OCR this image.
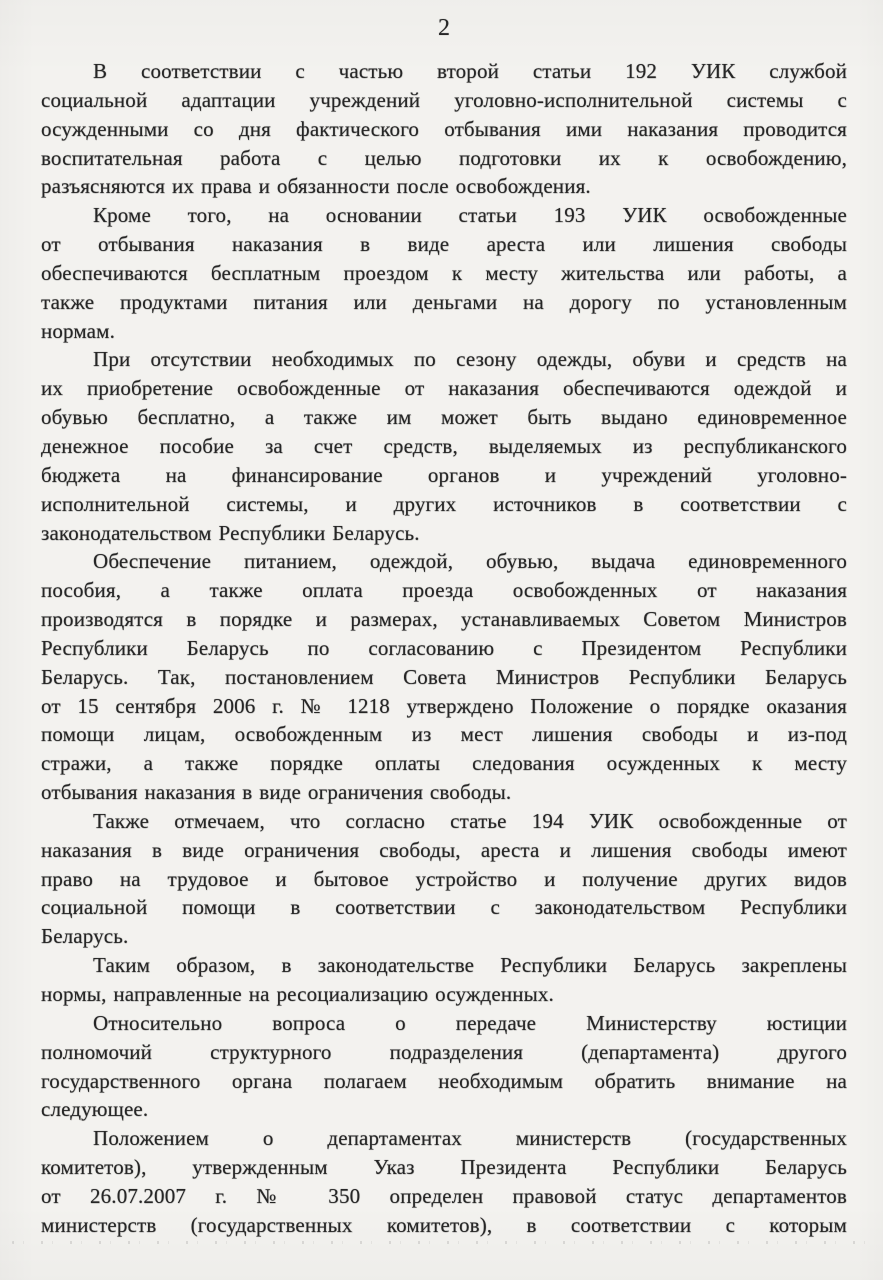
2
В соответствии с частью второй статьи 192 УИК службой
социальной адаптации учреждений уголовно-исполнительной системы с
осужденными со дня фактического отбывания ими наказания проводится
воспитательная работа с целью подготовки их к освобождению,
разъясняются их права и обязанности после освобождения.
Кроме того, на основании статьи 193 УИК освобожденные
от отбывания наказания в виде ареста или лишения свободы
обеспечиваются бесплатным проездом к месту жительства или работы, а
также продуктами питания или деньгами на дорогу по установленным
нормам.
При отсутствии необходимых по сезону одежды, обуви и средств на
их приобретение освобожденные от наказания обеспечиваются одеждой и
обувью бесплатно, а также им может быть выдано единовременное
денежное пособие за счет средств, выделяемых из республиканского
бюджета на финансирование органов и учреждений уголовно-
исполнительной системы, и других источников в соответствии с
законодательством Республики Беларусь.
Обеспечение питанием, одеждой, обувью, выдача единовременного
пособия, а также оплата проезда освобожденных от наказания
производятся в порядке и размерах, устанавливаемых Советом Министров
Республики Беларусь по согласованию с Президентом Республики
Беларусь. Так, постановлением Совета Министров Республики Беларусь
от 15 сентября 2006 г. № 1218 утверждено Положение о порядке оказания
помощи лицам, освобожденным из мест лишения свободы и из-под
стражи, а также порядке оплаты следования осужденных к месту
отбывания наказания в виде ограничения свободы.
Также отмечаем, что согласно статье 194 УИК освобожденные от
наказания в виде ограничения свободы, ареста и лишения свободы имеют
право на трудовое и бытовое устройство и получение других видов
социальной помощи в соответствии с законодательством Республики
Беларусь.
Таким образом, в законодательстве Республики Беларусь закреплены
нормы, направленные на ресоциализацию осужденных.
Относительно вопроса о передаче Министерству юстиции
полномочий структурного подразделения (департамента) другого
государственного органа полагаем необходимым обратить внимание на
следующее.
Положением о департаментах министерств (государственных
комитетов), утвержденным Указ Президента Республики Беларусь
от 26.07.2007 г. № 350 определен правовой статус департаментов
министерств (государственных комитетов), в соответствии с которым
